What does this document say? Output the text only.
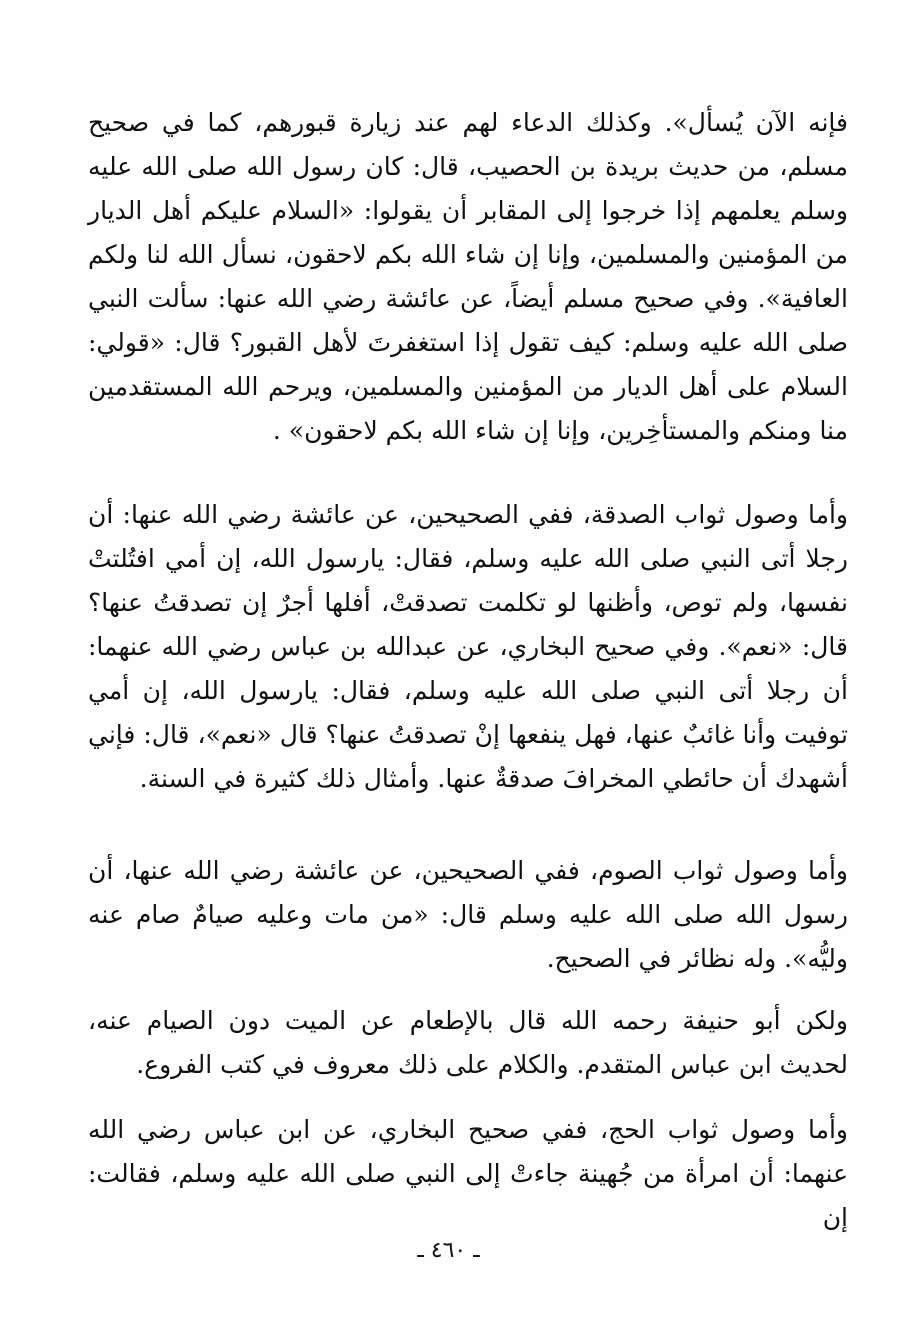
فإنه الآن يُسأل». وكذلك الدعاء لهم عند زيارة قبورهم، كما في صحيح مسلم، من حديث بريدة بن الحصيب، قال: كان رسول الله صلى الله عليه وسلم يعلمهم إذا خرجوا إلى المقابر أن يقولوا: «السلام عليكم أهل الديار من المؤمنين والمسلمين، وإنا إن شاء الله بكم لاحقون، نسأل الله لنا ولكم العافية». وفي صحيح مسلم أيضاً، عن عائشة رضي الله عنها: سألت النبي صلى الله عليه وسلم: كيف تقول إذا استغفرتَ لأهل القبور؟ قال: «قولي: السلام على أهل الديار من المؤمنين والمسلمين، ويرحم الله المستقدمين منا ومنكم والمستأخِرين، وإنا إن شاء الله بكم لاحقون» .

وأما وصول ثواب الصدقة، ففي الصحيحين، عن عائشة رضي الله عنها: أن رجلا أتى النبي صلى الله عليه وسلم، فقال: يارسول الله، إن أمي افتُلتتْ نفسها، ولم توص، وأظنها لو تكلمت تصدقتْ، أفلها أجرٌ إن تصدقتُ عنها؟ قال: «نعم». وفي صحيح البخاري، عن عبدالله بن عباس رضي الله عنهما: أن رجلا أتى النبي صلى الله عليه وسلم، فقال: يارسول الله، إن أمي توفيت وأنا غائبٌ عنها، فهل ينفعها إنْ تصدقتُ عنها؟ قال «نعم»، قال: فإني أشهدك أن حائطي المخرافَ صدقةٌ عنها. وأمثال ذلك كثيرة في السنة.

وأما وصول ثواب الصوم، ففي الصحيحين، عن عائشة رضي الله عنها، أن رسول الله صلى الله عليه وسلم قال: «من مات وعليه صيامٌ صام عنه وليُّه». وله نظائر في الصحيح.

ولكن أبو حنيفة رحمه الله قال بالإطعام عن الميت دون الصيام عنه، لحديث ابن عباس المتقدم. والكلام على ذلك معروف في كتب الفروع.

وأما وصول ثواب الحج، ففي صحيح البخاري، عن ابن عباس رضي الله عنهما: أن امرأة من جُهينة جاءتْ إلى النبي صلى الله عليه وسلم، فقالت: إن

ـ ٤٦٠ ـ
